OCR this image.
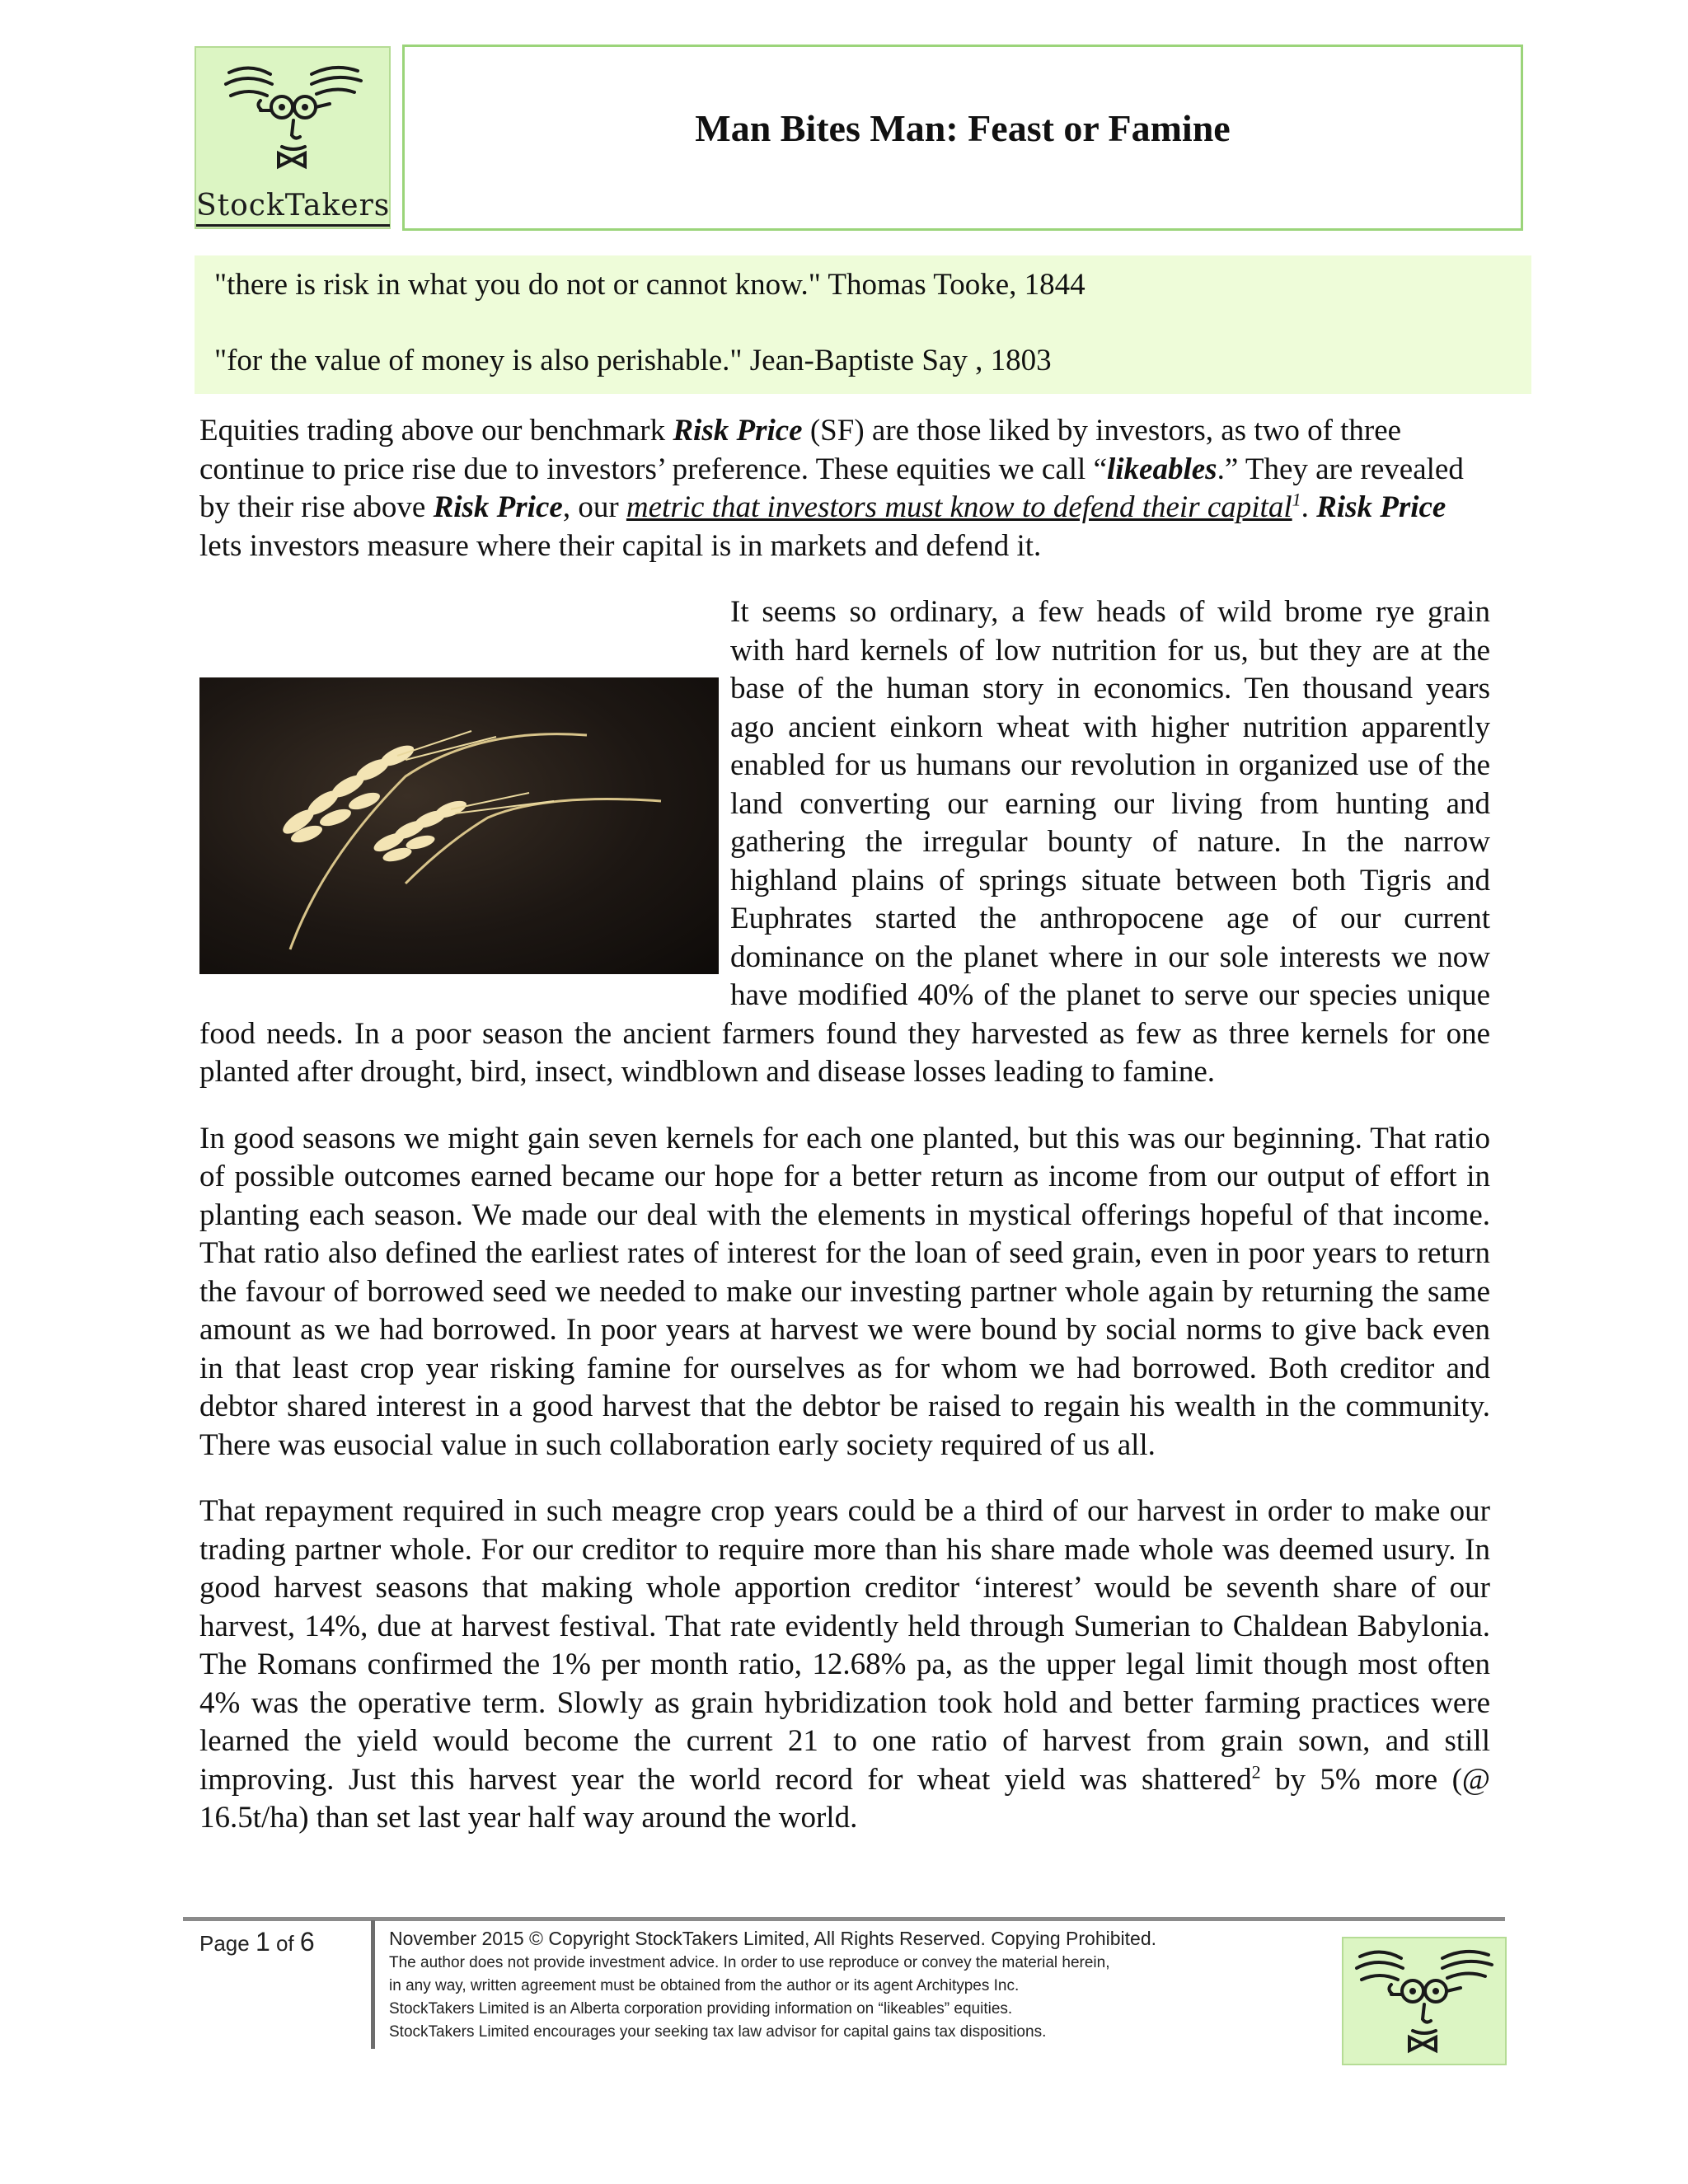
StockTakers
Man Bites Man: Feast or Famine
"there is risk in what you do not or cannot know." Thomas Tooke, 1844
"for the value of money is also perishable." Jean-Baptiste Say , 1803

Equities trading above our benchmark Risk Price (SF) are those liked by investors, as two of three continue to price rise due to investors’ preference. These equities we call “likeables.” They are revealed by their rise above Risk Price, our metric that investors must know to defend their capital$^1$. Risk Price lets investors measure where their capital is in markets and defend it.

It seems so ordinary, a few heads of wild brome rye grain with hard kernels of low nutrition for us, but they are at the base of the human story in economics. Ten thousand years ago ancient einkorn wheat with higher nutrition apparently enabled for us humans our revolution in organized use of the land converting our earning our living from hunting and gathering the irregular bounty of nature. In the narrow highland plains of springs situate between both Tigris and Euphrates started the anthropocene age of our current dominance on the planet where in our sole interests we now have modified 40% of the planet to serve our species unique food needs. In a poor season the ancient farmers found they harvested as few as three kernels for one planted after drought, bird, insect, windblown and disease losses leading to famine.

In good seasons we might gain seven kernels for each one planted, but this was our beginning. That ratio of possible outcomes earned became our hope for a better return as income from our output of effort in planting each season. We made our deal with the elements in mystical offerings hopeful of that income. That ratio also defined the earliest rates of interest for the loan of seed grain, even in poor years to return the favour of borrowed seed we needed to make our investing partner whole again by returning the same amount as we had borrowed. In poor years at harvest we were bound by social norms to give back even in that least crop year risking famine for ourselves as for whom we had borrowed. Both creditor and debtor shared interest in a good harvest that the debtor be raised to regain his wealth in the community. There was eusocial value in such collaboration early society required of us all.

That repayment required in such meagre crop years could be a third of our harvest in order to make our trading partner whole. For our creditor to require more than his share made whole was deemed usury. In good harvest seasons that making whole apportion creditor ‘interest’ would be seventh share of our harvest, 14%, due at harvest festival. That rate evidently held through Sumerian to Chaldean Babylonia. The Romans confirmed the 1% per month ratio, 12.68% pa, as the upper legal limit though most often 4% was the operative term. Slowly as grain hybridization took hold and better farming practices were learned the yield would become the current 21 to one ratio of harvest from grain sown, and still improving. Just this harvest year the world record for wheat yield was shattered$^2$ by 5% more (@ 16.5t/ha) than set last year half way around the world.

Page 1 of 6	November 2015 © Copyright StockTakers Limited, All Rights Reserved. Copying Prohibited.
The author does not provide investment advice. In order to use reproduce or convey the material herein,
in any way, written agreement must be obtained from the author or its agent Architypes Inc.
StockTakers Limited is an Alberta corporation providing information on “likeables” equities.
StockTakers Limited encourages your seeking tax law advisor for capital gains tax dispositions.
